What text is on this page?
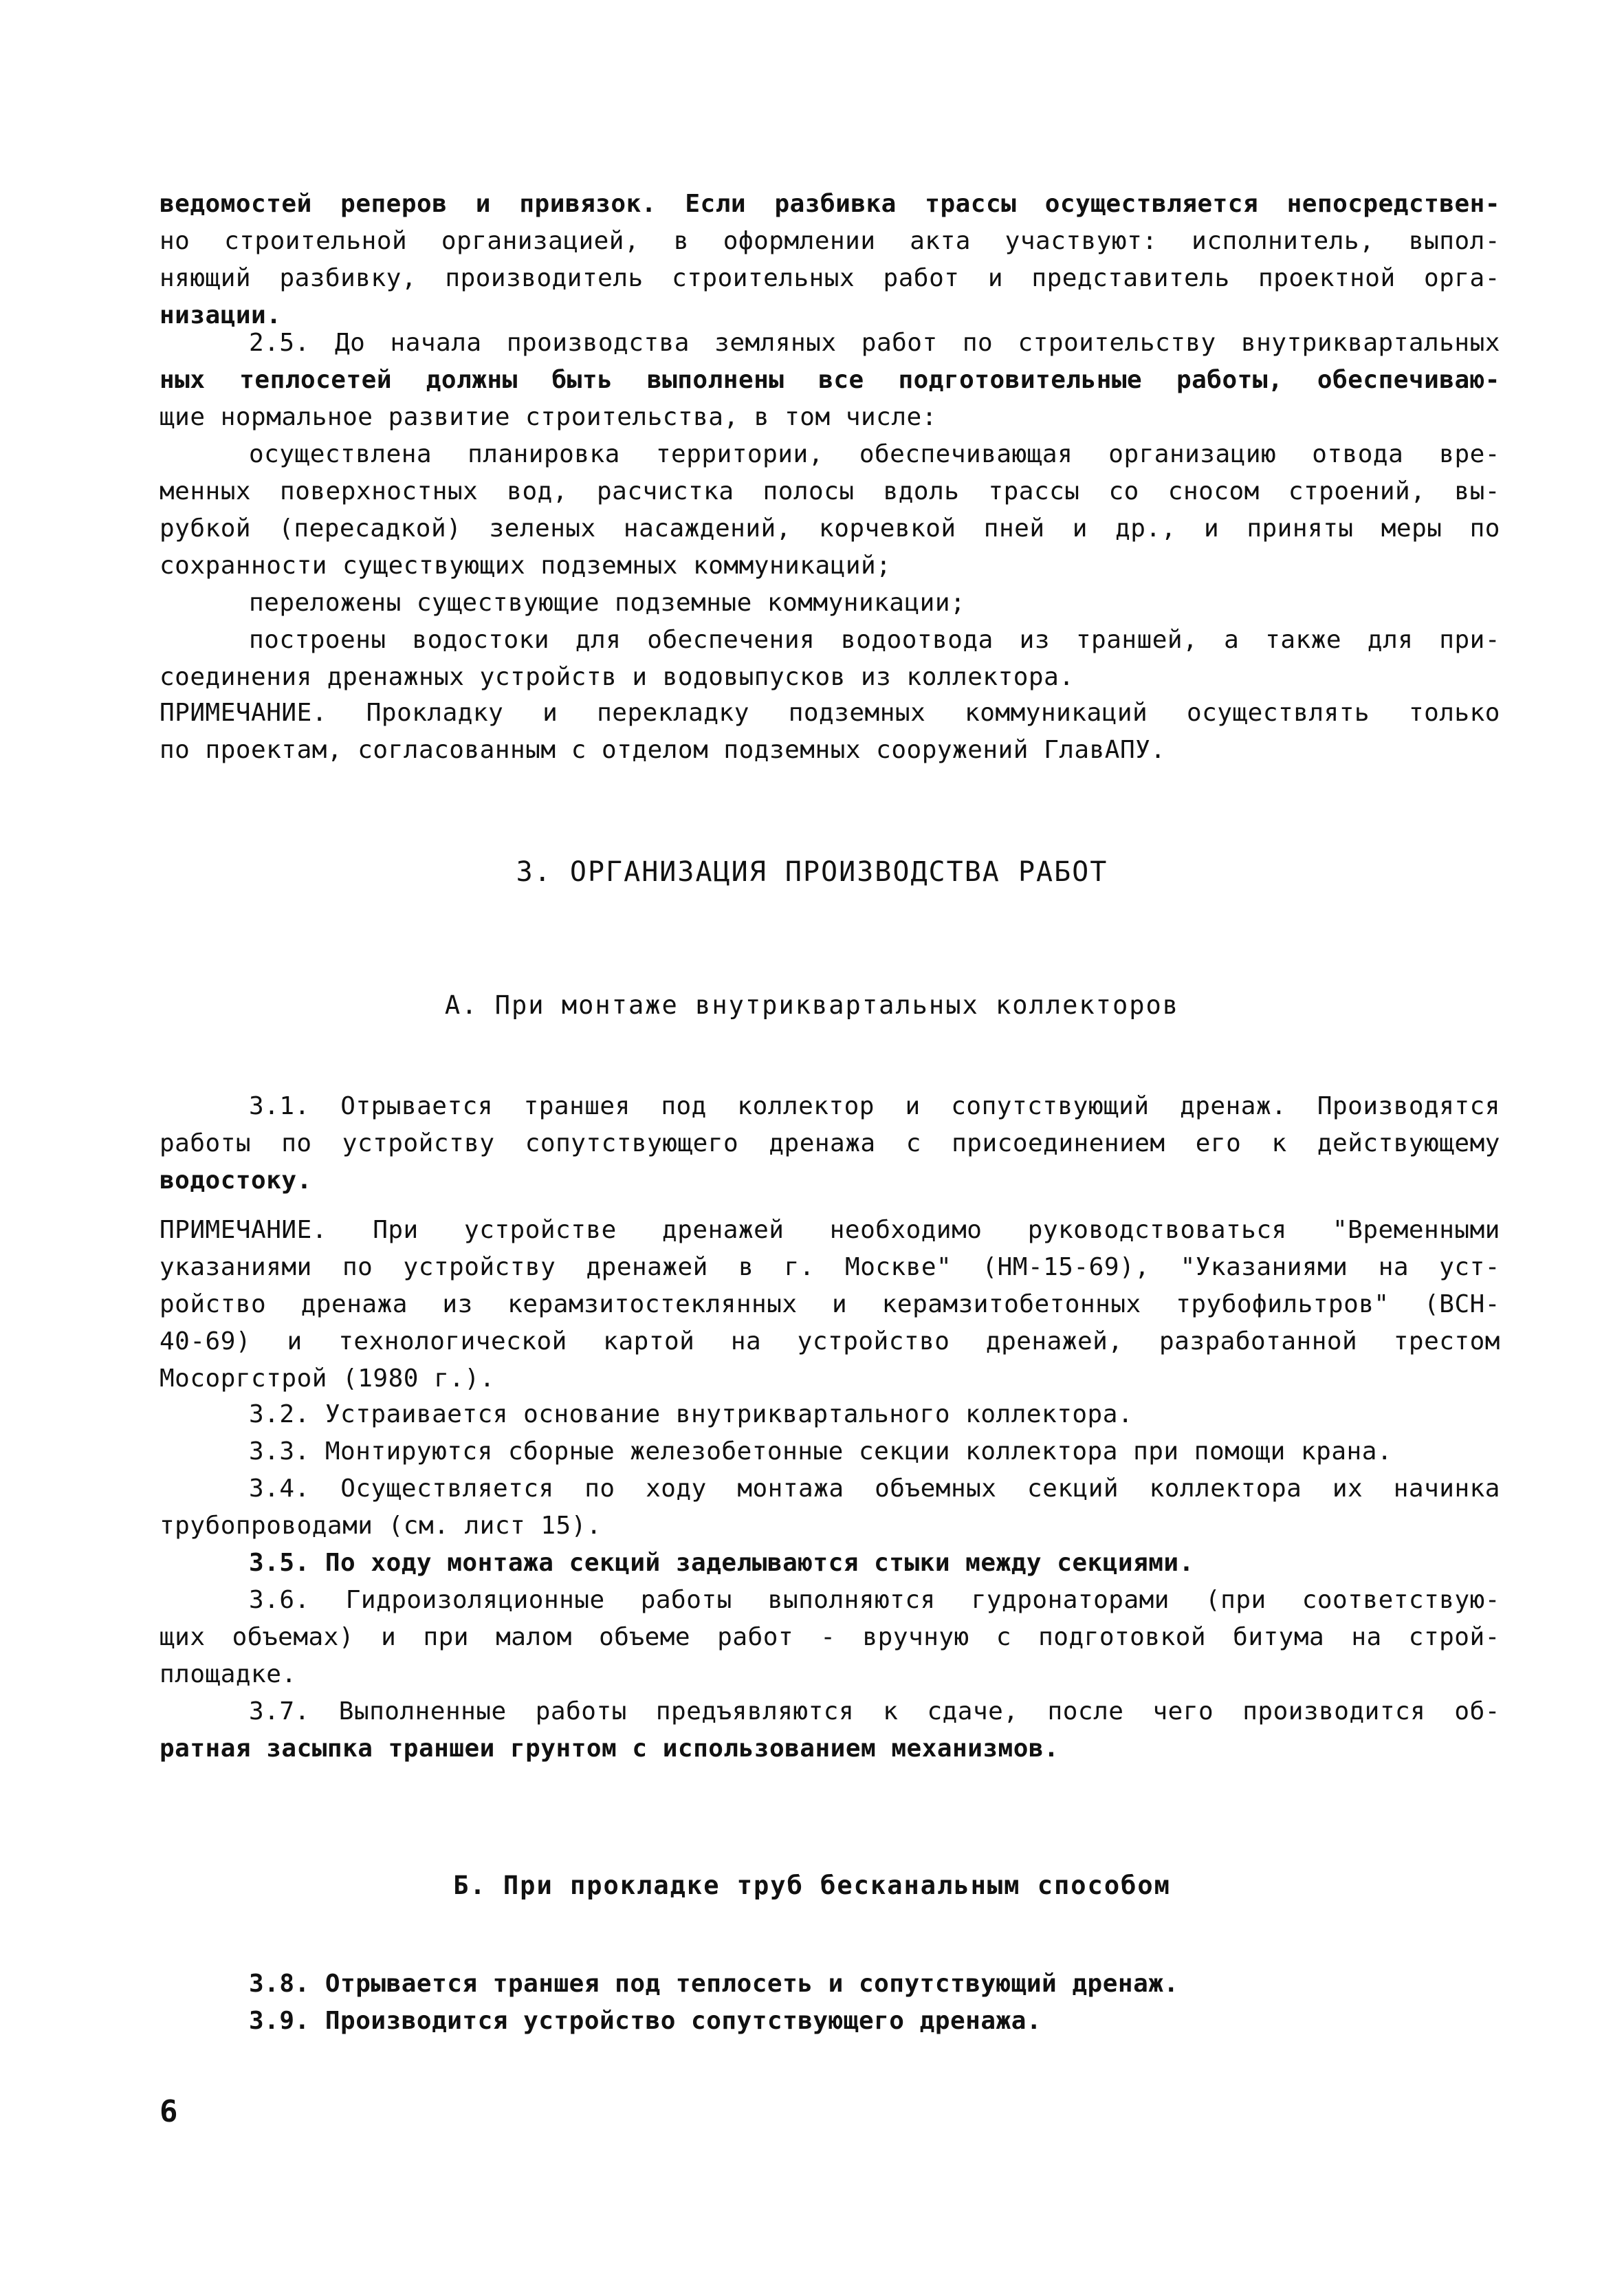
ведомостей реперов и привязок. Если разбивка трассы осуществляется непосредствен-
но строительной организацией, в оформлении акта участвуют: исполнитель, выпол-
няющий разбивку, производитель строительных работ и представитель проектной орга-
низации.
2.5. До начала производства земляных работ по строительству внутриквартальных
ных теплосетей должны быть выполнены все подготовительные работы, обеспечиваю-
щие нормальное развитие строительства, в том числе:
осуществлена планировка территории, обеспечивающая организацию отвода вре-
менных поверхностных вод, расчистка полосы вдоль трассы со сносом строений, вы-
рубкой (пересадкой) зеленых насаждений, корчевкой пней и др., и приняты меры по
сохранности существующих подземных коммуникаций;
переложены существующие подземные коммуникации;
построены водостоки для обеспечения водоотвода из траншей, а также для при-
соединения дренажных устройств и водовыпусков из коллектора.
ПРИМЕЧАНИЕ. Прокладку и перекладку подземных коммуникаций осуществлять только
по проектам, согласованным с отделом подземных сооружений ГлавАПУ.
3. ОРГАНИЗАЦИЯ ПРОИЗВОДСТВА РАБОТ
А. При монтаже внутриквартальных коллекторов
3.1. Отрывается траншея под коллектор и сопутствующий дренаж. Производятся
работы по устройству сопутствующего дренажа с присоединением его к действующему
водостоку.
ПРИМЕЧАНИЕ. При устройстве дренажей необходимо руководствоваться "Временными
указаниями по устройству дренажей в г. Москве" (НМ-15-69), "Указаниями на уст-
ройство дренажа из керамзитостеклянных и керамзитобетонных трубофильтров" (ВСН-
40-69) и технологической картой на устройство дренажей, разработанной трестом
Мосоргстрой (1980 г.).
3.2. Устраивается основание внутриквартального коллектора.
3.3. Монтируются сборные железобетонные секции коллектора при помощи крана.
3.4. Осуществляется по ходу монтажа объемных секций коллектора их начинка
трубопроводами (см. лист 15).
3.5. По ходу монтажа секций заделываются стыки между секциями.
3.6. Гидроизоляционные работы выполняются гудронаторами (при соответствую-
щих объемах) и при малом объеме работ - вручную с подготовкой битума на строй-
площадке.
3.7. Выполненные работы предъявляются к сдаче, после чего производится об-
ратная засыпка траншеи грунтом с использованием механизмов.
Б. При прокладке труб бесканальным способом
3.8. Отрывается траншея под теплосеть и сопутствующий дренаж.
3.9. Производится устройство сопутствующего дренажа.
6
